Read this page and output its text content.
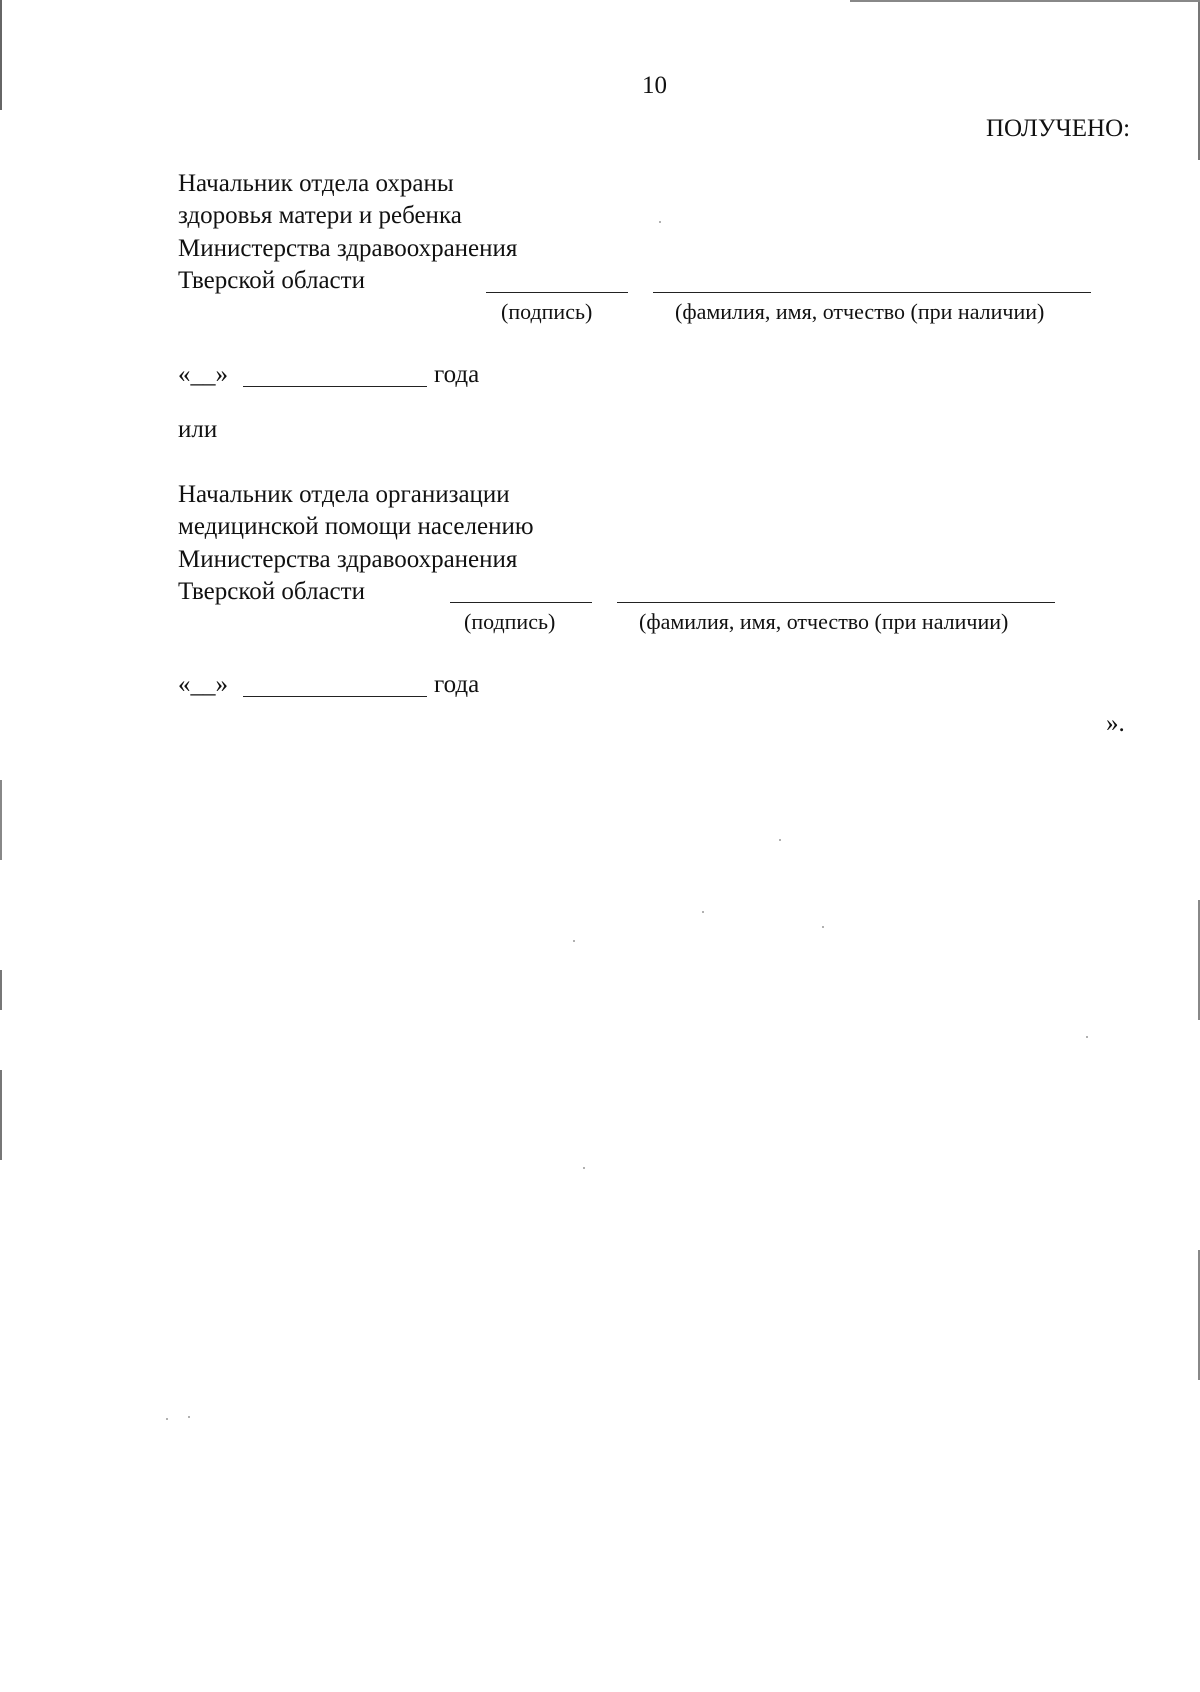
10
ПОЛУЧЕНО:
Начальник отдела охраны
здоровья матери и ребенка
Министерства здравоохранения
Тверской области
(подпись)	(фамилия, имя, отчество (при наличии)
«__»	года
или
Начальник отдела организации
медицинской помощи населению
Министерства здравоохранения
Тверской области
(подпись)	(фамилия, имя, отчество (при наличии)
«__»	года
».
